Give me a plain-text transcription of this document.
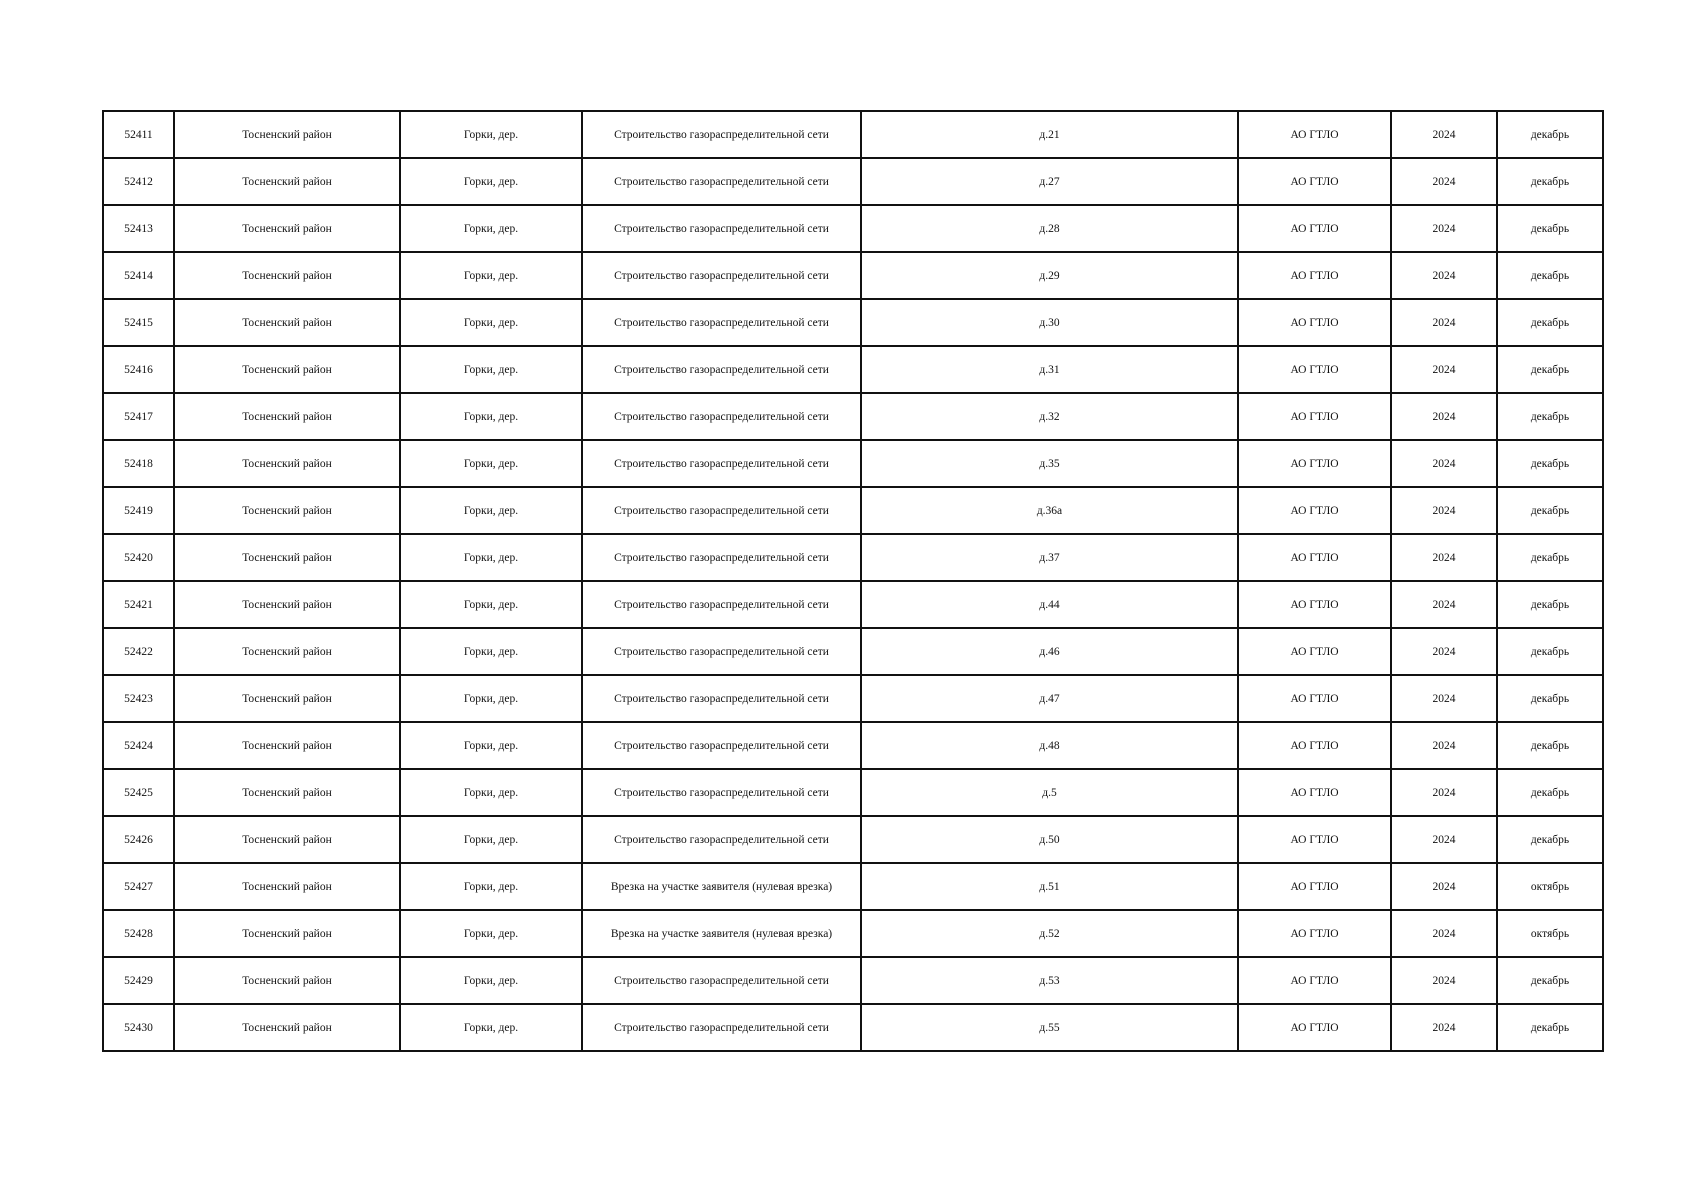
52411	Тосненский район	Горки, дер.	Строительство газораспределительной сети	д.21	АО ГТЛО	2024	декабрь
52412	Тосненский район	Горки, дер.	Строительство газораспределительной сети	д.27	АО ГТЛО	2024	декабрь
52413	Тосненский район	Горки, дер.	Строительство газораспределительной сети	д.28	АО ГТЛО	2024	декабрь
52414	Тосненский район	Горки, дер.	Строительство газораспределительной сети	д.29	АО ГТЛО	2024	декабрь
52415	Тосненский район	Горки, дер.	Строительство газораспределительной сети	д.30	АО ГТЛО	2024	декабрь
52416	Тосненский район	Горки, дер.	Строительство газораспределительной сети	д.31	АО ГТЛО	2024	декабрь
52417	Тосненский район	Горки, дер.	Строительство газораспределительной сети	д.32	АО ГТЛО	2024	декабрь
52418	Тосненский район	Горки, дер.	Строительство газораспределительной сети	д.35	АО ГТЛО	2024	декабрь
52419	Тосненский район	Горки, дер.	Строительство газораспределительной сети	д.36а	АО ГТЛО	2024	декабрь
52420	Тосненский район	Горки, дер.	Строительство газораспределительной сети	д.37	АО ГТЛО	2024	декабрь
52421	Тосненский район	Горки, дер.	Строительство газораспределительной сети	д.44	АО ГТЛО	2024	декабрь
52422	Тосненский район	Горки, дер.	Строительство газораспределительной сети	д.46	АО ГТЛО	2024	декабрь
52423	Тосненский район	Горки, дер.	Строительство газораспределительной сети	д.47	АО ГТЛО	2024	декабрь
52424	Тосненский район	Горки, дер.	Строительство газораспределительной сети	д.48	АО ГТЛО	2024	декабрь
52425	Тосненский район	Горки, дер.	Строительство газораспределительной сети	д.5	АО ГТЛО	2024	декабрь
52426	Тосненский район	Горки, дер.	Строительство газораспределительной сети	д.50	АО ГТЛО	2024	декабрь
52427	Тосненский район	Горки, дер.	Врезка на участке заявителя (нулевая врезка)	д.51	АО ГТЛО	2024	октябрь
52428	Тосненский район	Горки, дер.	Врезка на участке заявителя (нулевая врезка)	д.52	АО ГТЛО	2024	октябрь
52429	Тосненский район	Горки, дер.	Строительство газораспределительной сети	д.53	АО ГТЛО	2024	декабрь
52430	Тосненский район	Горки, дер.	Строительство газораспределительной сети	д.55	АО ГТЛО	2024	декабрь
